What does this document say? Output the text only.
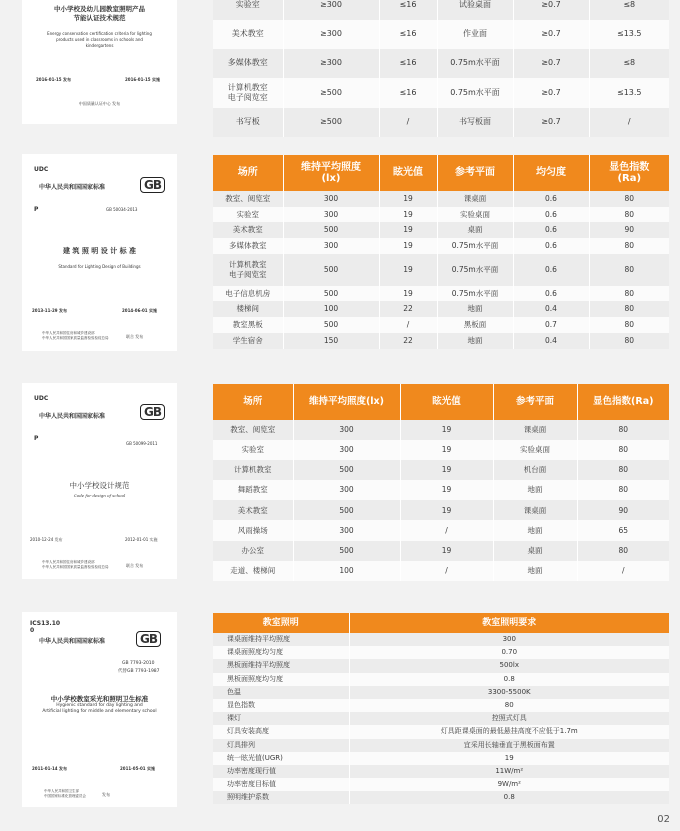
中小学校及幼儿园教室照明产品
节能认证技术规范
Energy conservation certification criteria for lighting
products used in classrooms in schools and
kindergartens
2016-01-15 发布	2016-01-15 实施
中国质量认证中心 发布
实验室	≥300	≤16	试验桌面	≥0.7	≤8
美术教室	≥300	≤16	作业面	≥0.7	≤13.5
多媒体教室	≥300	≤16	0.75m水平面	≥0.7	≤8
计算机教室
电子阅览室	≥500	≤16	0.75m水平面	≥0.7	≤13.5
书写板	≥500	/	书写板面	≥0.7	/
UDC
中华人民共和国国家标准	GB
P	GB 50034-2013
建 筑 照 明 设 计 标 准
Standard for Lighting Design of Buildings
2013-11-29 发布	2014-06-01 实施
中华人民共和国住房和城乡建设部
中华人民共和国国家质量监督检验检疫总局	联合 发布
场所	维持平均照度
(lx)	眩光值	参考平面	均匀度	显色指数
(Ra)
教室、阅览室	300	19	课桌面	0.6	80
实验室	300	19	实验桌面	0.6	80
美术教室	500	19	桌面	0.6	90
多媒体教室	300	19	0.75m水平面	0.6	80
计算机教室
电子阅览室	500	19	0.75m水平面	0.6	80
电子信息机房	500	19	0.75m水平面	0.6	80
楼梯间	100	22	地面	0.4	80
教室黑板	500	/	黑板面	0.7	80
学生宿舍	150	22	地面	0.4	80
UDC
中华人民共和国国家标准	GB
P
GB 50099-2011
中小学校设计规范
Code for design of school
2010-12-24 发布	2012-01-01 实施
中华人民共和国住房和城乡建设部
中华人民共和国国家质量监督检验检疫总局	联合 发布
场所	维持平均照度(lx)	眩光值	参考平面	显色指数(Ra)
教室、阅览室	300	19	课桌面	80
实验室	300	19	实验桌面	80
计算机教室	500	19	机台面	80
舞蹈教室	300	19	地面	80
美术教室	500	19	课桌面	90
风雨操场	300	/	地面	65
办公室	500	19	桌面	80
走道、楼梯间	100	/	地面	/
ICS13.10
0
中华人民共和国国家标准	GB
GB 7793-2010
代替GB 7793-1987
中小学校教室采光和照明卫生标准
Hygienic standard for day lighting and
Artificial lighting for middle and elementary school
2011-01-14 发布	2011-05-01 实施
中华人民共和国卫生部
中国国家标准化管理委员会	发布
教室照明	教室照明要求
课桌面维持平均照度	300
课桌面照度均匀度	0.70
黑板面维持平均照度	500lx
黑板面照度均匀度	0.8
色温	3300-5500K
显色指数	80
裸灯	控照式灯具
灯具安装高度	灯具距课桌面的最低悬挂高度不应低于1.7m
灯具排列	宜采用长轴垂直于黑板面布置
统一眩光值(UGR)	19
功率密度现行值	11W/m²
功率密度目标值	9W/m²
照明维护系数	0.8
02
